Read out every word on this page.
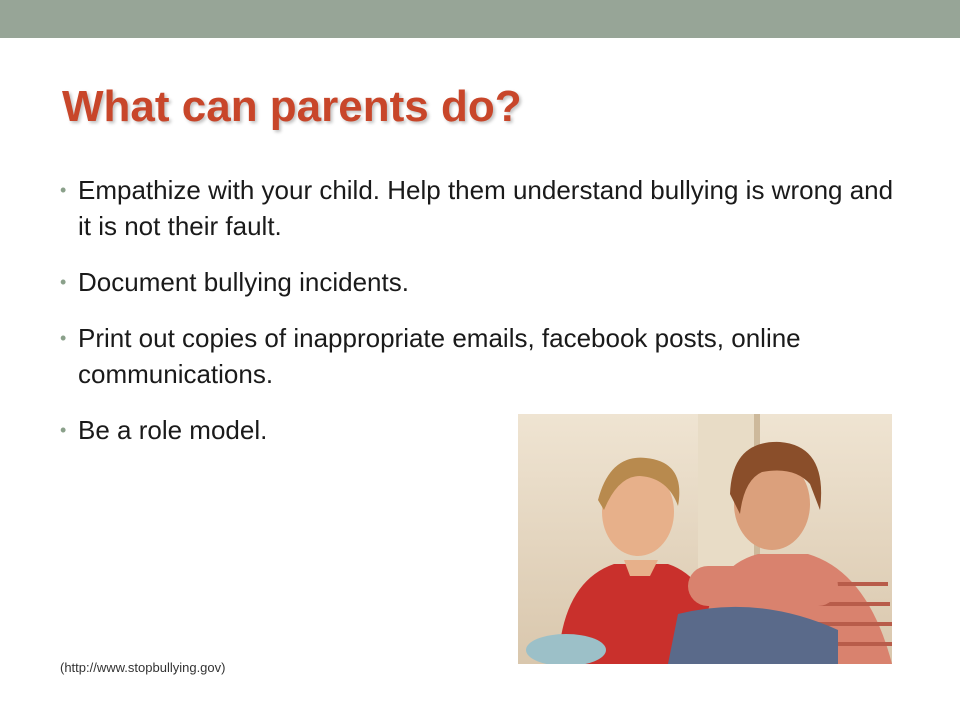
What can parents do?
• Empathize with your child. Help them understand bullying is wrong and it is not their fault.
• Document bullying incidents.
• Print out copies of inappropriate emails, facebook posts, online communications.
• Be a role model.
(http://www.stopbullying.gov)
